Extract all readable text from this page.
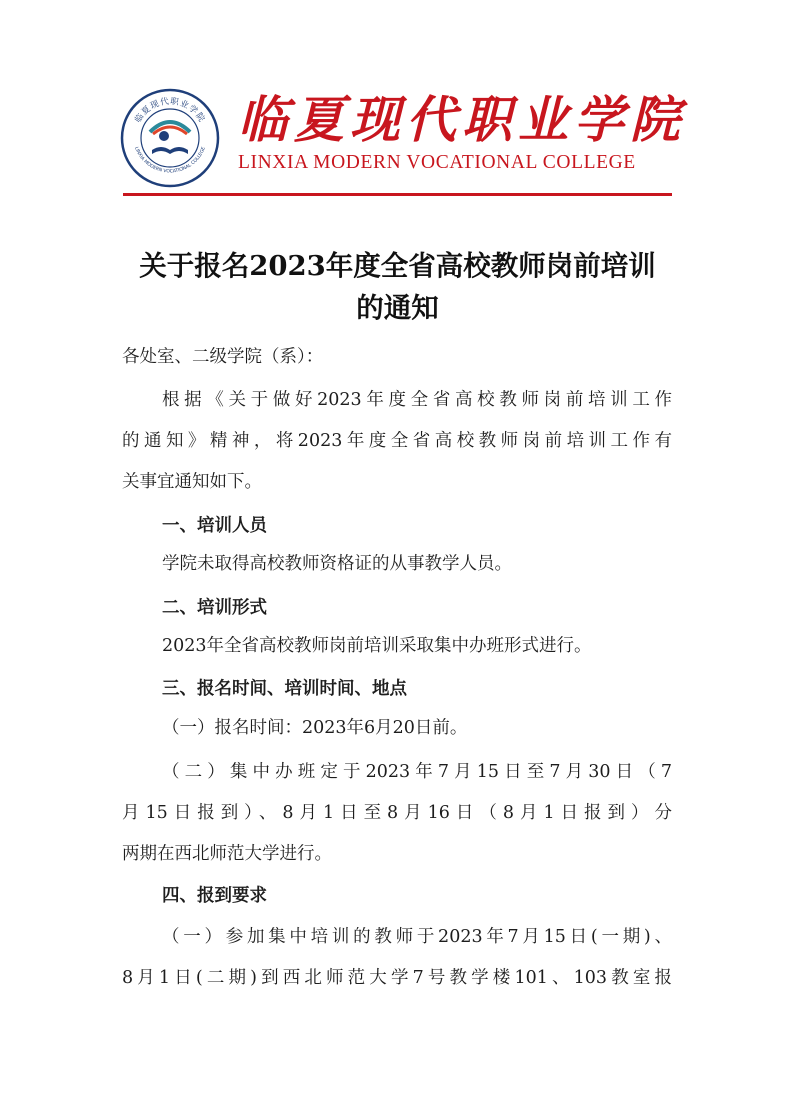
临夏现代职业学院
LINXIA MODERN VOCATIONAL COLLEGE 临夏现代职业学院
LINXIA MODERN VOCATIONAL COLLEGE
关于报名2023年度全省高校教师岗前培训
的通知
各处室、二级学院（系）：
根据《关于做好2023年度全省高校教师岗前培训工作
的通知》精神，将2023年度全省高校教师岗前培训工作有
关事宜通知如下。
一、培训人员
学院未取得高校教师资格证的从事教学人员。
二、培训形式
2023年全省高校教师岗前培训采取集中办班形式进行。
三、报名时间、培训时间、地点
（一）报名时间：2023年6月20日前。
（二）集中办班定于2023年7月15日至7月30日（7
月15日报到）、8月1日至8月16日（8月1日报到）分
两期在西北师范大学进行。
四、报到要求
（一）参加集中培训的教师于2023年7月15日(一期)、
8月1日(二期)到西北师范大学7号教学楼101、103教室报
